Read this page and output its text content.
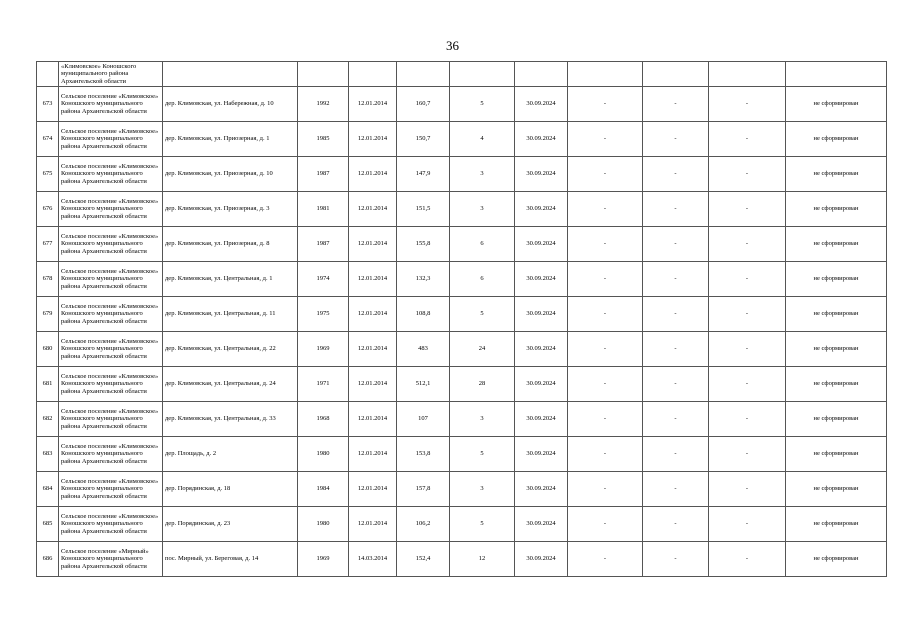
36
	«Климовское» Коношского муниципального района Архангельской области										
673	Сельское поселение «Климовское» Коношского муниципального района Архангельской области	дер. Климовская, ул. Набережная, д. 10	1992	12.01.2014	160,7	5	30.09.2024	-	-	-	не сформирован
674	Сельское поселение «Климовское» Коношского муниципального района Архангельской области	дер. Климовская, ул. Приозерная, д. 1	1985	12.01.2014	150,7	4	30.09.2024	-	-	-	не сформирован
675	Сельское поселение «Климовское» Коношского муниципального района Архангельской области	дер. Климовская, ул. Приозерная, д. 10	1987	12.01.2014	147,9	3	30.09.2024	-	-	-	не сформирован
676	Сельское поселение «Климовское» Коношского муниципального района Архангельской области	дер. Климовская, ул. Приозерная, д. 3	1981	12.01.2014	151,5	3	30.09.2024	-	-	-	не сформирован
677	Сельское поселение «Климовское» Коношского муниципального района Архангельской области	дер. Климовская, ул. Приозерная, д. 8	1987	12.01.2014	155,8	6	30.09.2024	-	-	-	не сформирован
678	Сельское поселение «Климовское» Коношского муниципального района Архангельской области	дер. Климовская, ул. Центральная, д. 1	1974	12.01.2014	132,3	6	30.09.2024	-	-	-	не сформирован
679	Сельское поселение «Климовское» Коношского муниципального района Архангельской области	дер. Климовская, ул. Центральная, д. 11	1975	12.01.2014	108,8	5	30.09.2024	-	-	-	не сформирован
680	Сельское поселение «Климовское» Коношского муниципального района Архангельской области	дер. Климовская, ул. Центральная, д. 22	1969	12.01.2014	483	24	30.09.2024	-	-	-	не сформирован
681	Сельское поселение «Климовское» Коношского муниципального района Архангельской области	дер. Климовская, ул. Центральная, д. 24	1971	12.01.2014	512,1	28	30.09.2024	-	-	-	не сформирован
682	Сельское поселение «Климовское» Коношского муниципального района Архангельской области	дер. Климовская, ул. Центральная, д. 33	1968	12.01.2014	107	3	30.09.2024	-	-	-	не сформирован
683	Сельское поселение «Климовское» Коношского муниципального района Архангельской области	дер. Площадь, д. 2	1980	12.01.2014	153,8	5	30.09.2024	-	-	-	не сформирован
684	Сельское поселение «Климовское» Коношского муниципального района Архангельской области	дер. Порядинская, д. 18	1984	12.01.2014	157,8	3	30.09.2024	-	-	-	не сформирован
685	Сельское поселение «Климовское» Коношского муниципального района Архангельской области	дер. Порядинская, д. 23	1980	12.01.2014	106,2	5	30.09.2024	-	-	-	не сформирован
686	Сельское поселение «Мирный» Коношского муниципального района Архангельской области	пос. Мирный, ул. Береговая, д. 14	1969	14.03.2014	152,4	12	30.09.2024	-	-	-	не сформирован
